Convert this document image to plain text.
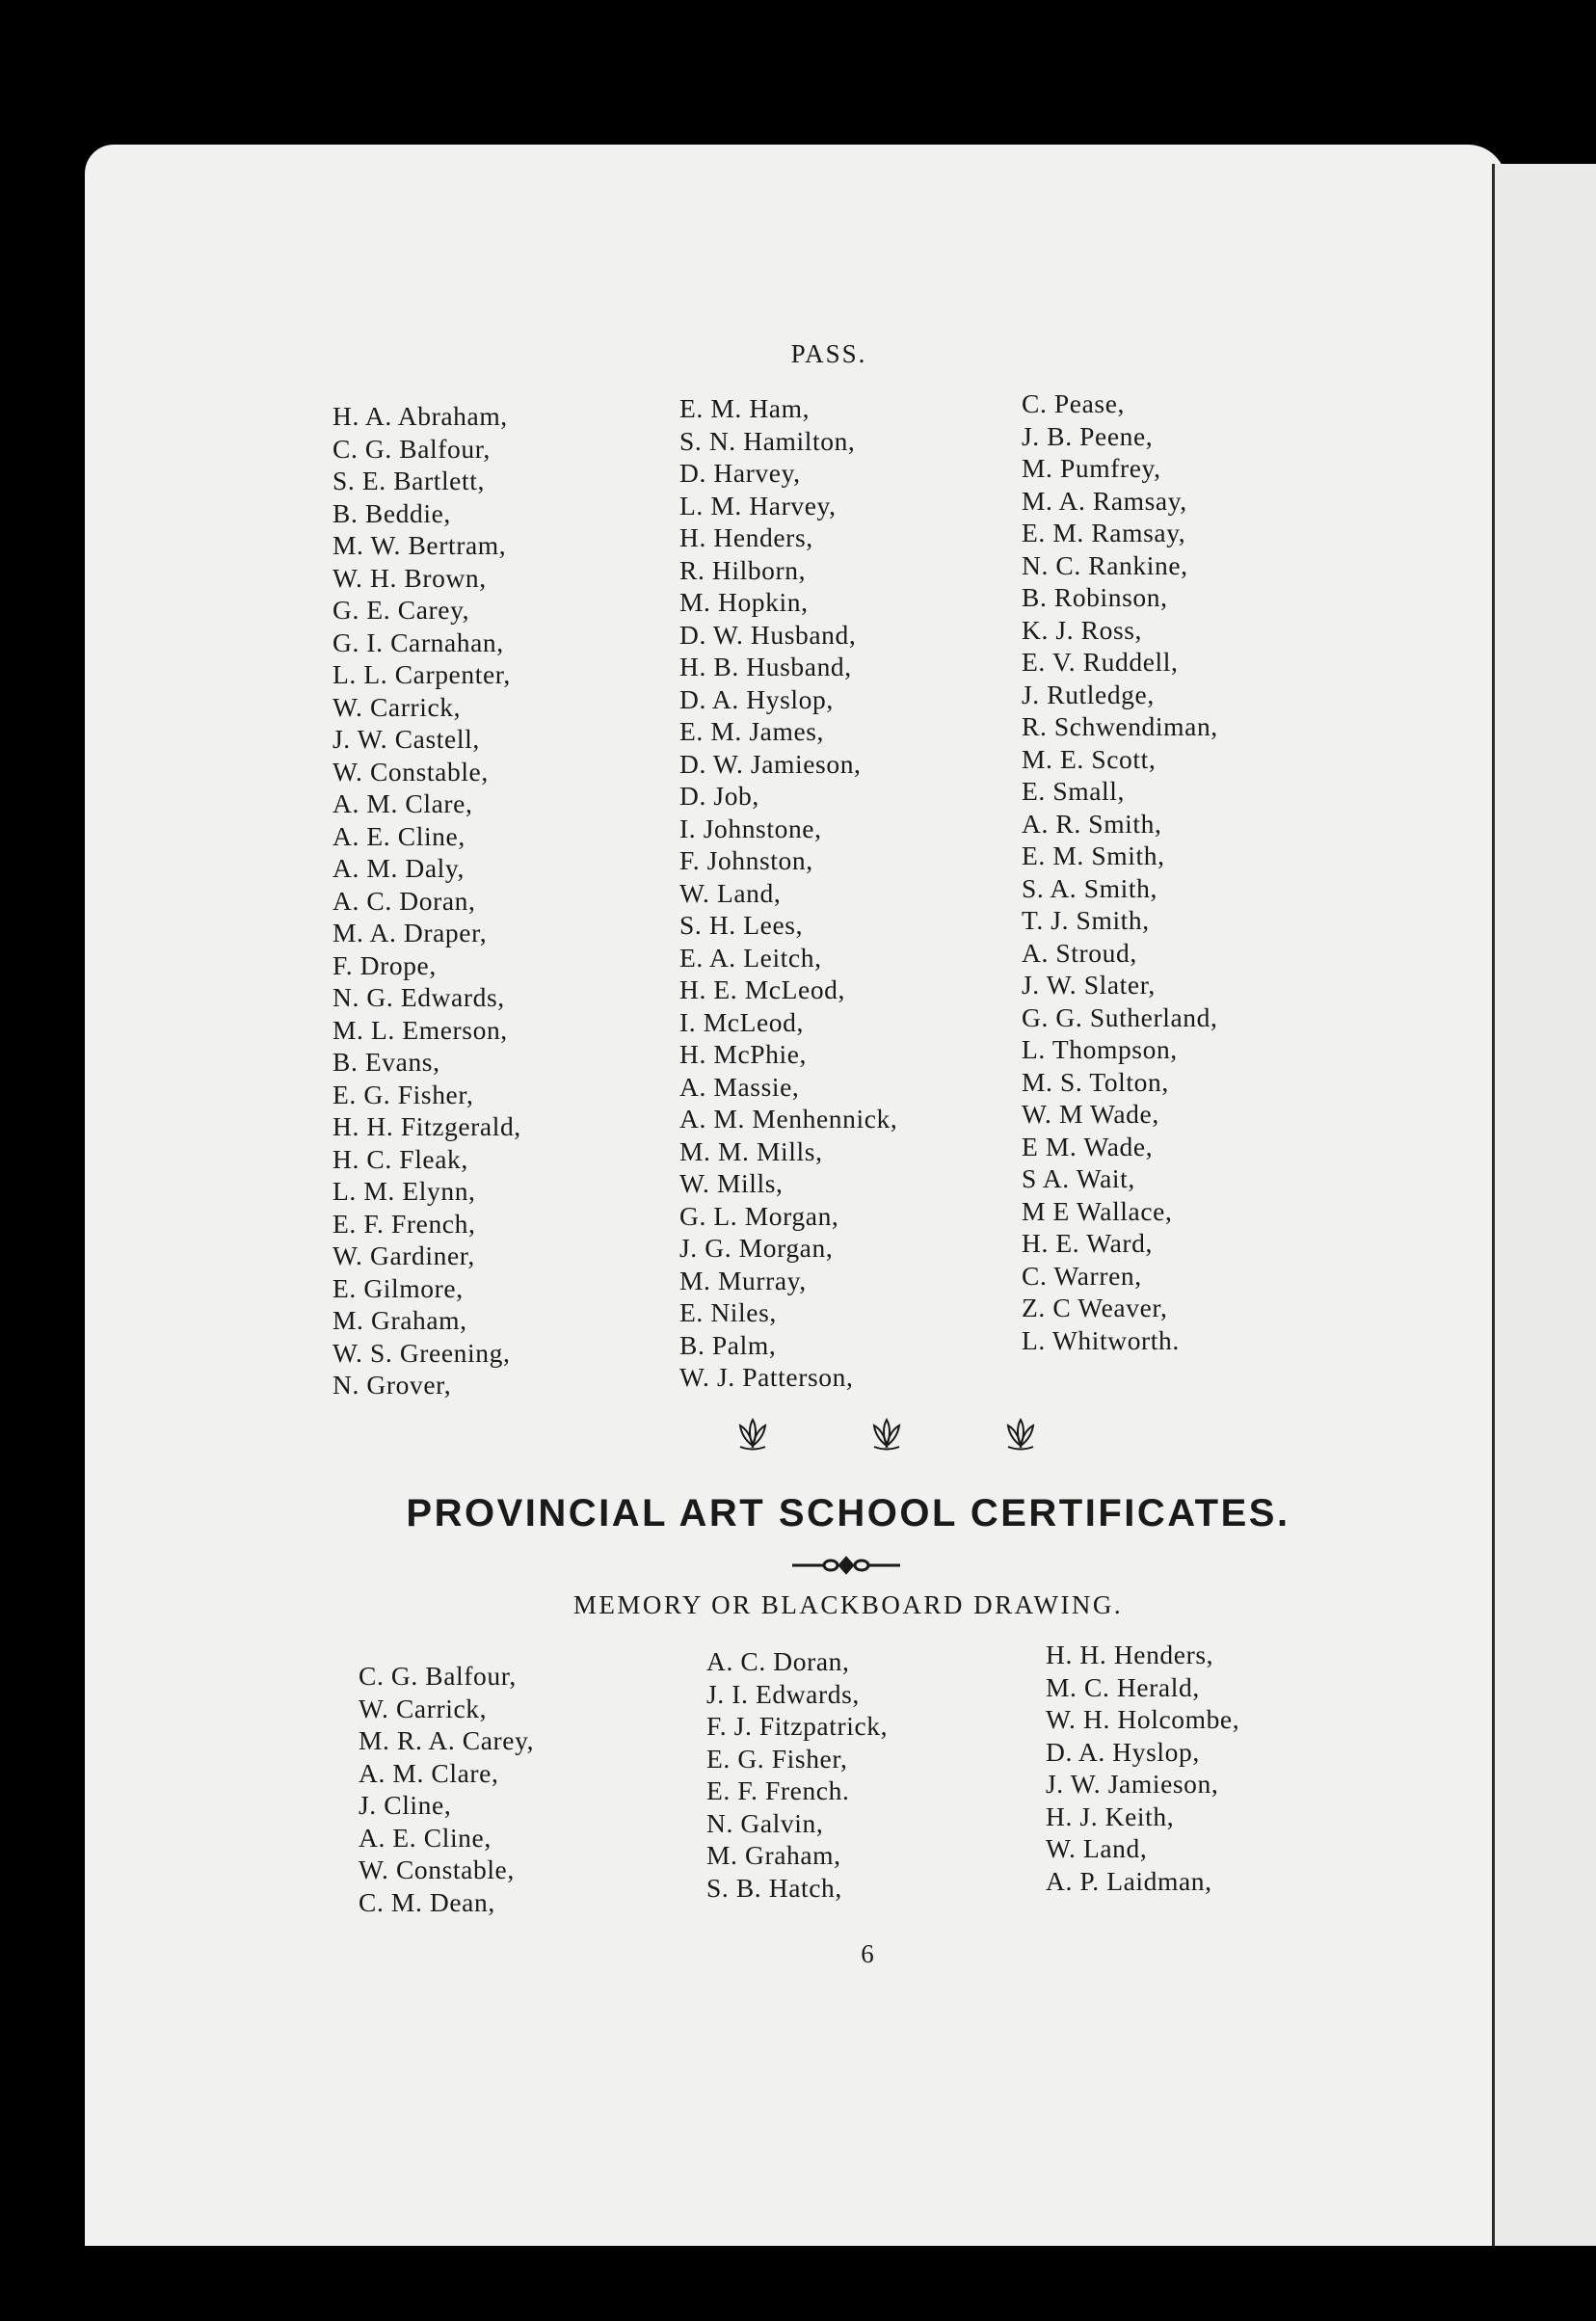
PASS.
H. A. Abraham,
C. G. Balfour,
S. E. Bartlett,
B. Beddie,
M. W. Bertram,
W. H. Brown,
G. E. Carey,
G. I. Carnahan,
L. L. Carpenter,
W. Carrick,
J. W. Castell,
W. Constable,
A. M. Clare,
A. E. Cline,
A. M. Daly,
A. C. Doran,
M. A. Draper,
F. Drope,
N. G. Edwards,
M. L. Emerson,
B. Evans,
E. G. Fisher,
H. H. Fitzgerald,
H. C. Fleak,
L. M. Elynn,
E. F. French,
W. Gardiner,
E. Gilmore,
M. Graham,
W. S. Greening,
N. Grover,
E. M. Ham,
S. N. Hamilton,
D. Harvey,
L. M. Harvey,
H. Henders,
R. Hilborn,
M. Hopkin,
D. W. Husband,
H. B. Husband,
D. A. Hyslop,
E. M. James,
D. W. Jamieson,
D. Job,
I. Johnstone,
F. Johnston,
W. Land,
S. H. Lees,
E. A. Leitch,
H. E. McLeod,
I. McLeod,
H. McPhie,
A. Massie,
A. M. Menhennick,
M. M. Mills,
W. Mills,
G. L. Morgan,
J. G. Morgan,
M. Murray,
E. Niles,
B. Palm,
W. J. Patterson,
C. Pease,
J. B. Peene,
M. Pumfrey,
M. A. Ramsay,
E. M. Ramsay,
N. C. Rankine,
B. Robinson,
K. J. Ross,
E. V. Ruddell,
J. Rutledge,
R. Schwendiman,
M. E. Scott,
E. Small,
A. R. Smith,
E. M. Smith,
S. A. Smith,
T. J. Smith,
A. Stroud,
J. W. Slater,
G. G. Sutherland,
L. Thompson,
M. S. Tolton,
W. M Wade,
E M. Wade,
S A. Wait,
M E Wallace,
H. E. Ward,
C. Warren,
Z. C Weaver,
L. Whitworth.
PROVINCIAL ART SCHOOL CERTIFICATES.
MEMORY OR BLACKBOARD DRAWING.
C. G. Balfour,
W. Carrick,
M. R. A. Carey,
A. M. Clare,
J. Cline,
A. E. Cline,
W. Constable,
C. M. Dean,
A. C. Doran,
J. I. Edwards,
F. J. Fitzpatrick,
E. G. Fisher,
E. F. French.
N. Galvin,
M. Graham,
S. B. Hatch,
H. H. Henders,
M. C. Herald,
W. H. Holcombe,
D. A. Hyslop,
J. W. Jamieson,
H. J. Keith,
W. Land,
A. P. Laidman,
6
